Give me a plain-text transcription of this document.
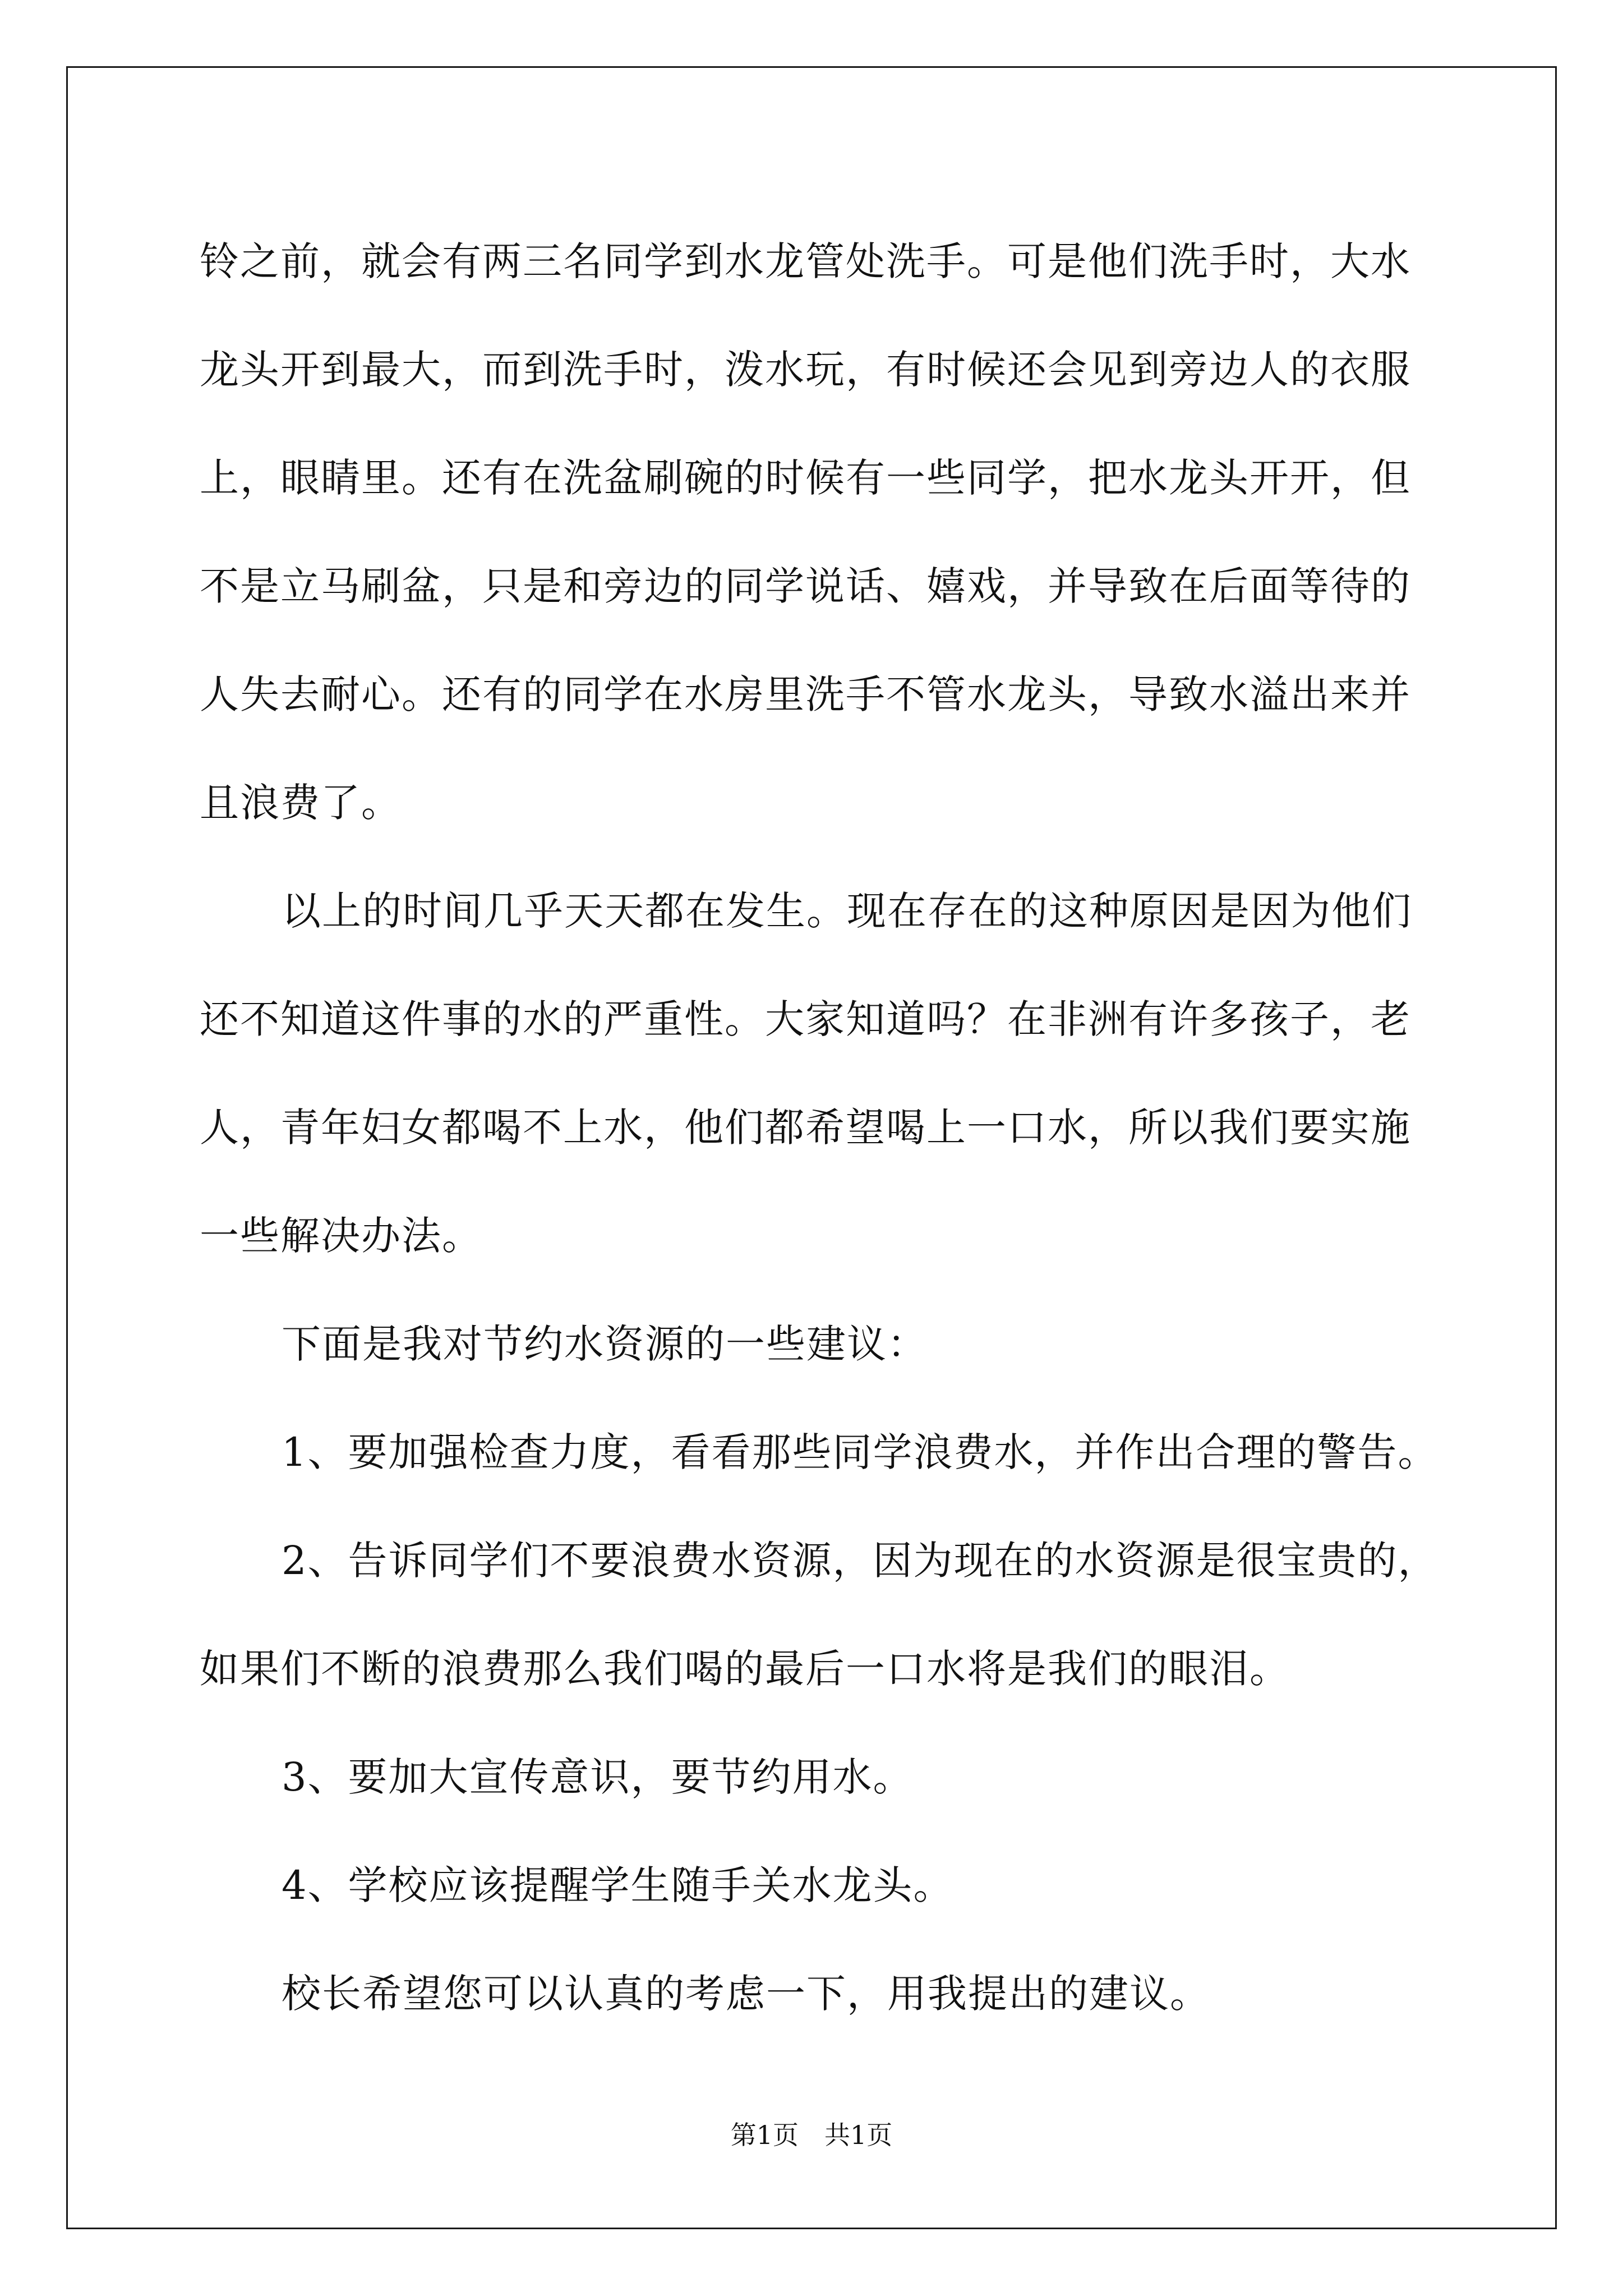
铃之前，就会有两三名同学到水龙管处洗手。可是他们洗手时，大水

龙头开到最大，而到洗手时，泼水玩，有时候还会见到旁边人的衣服

上，眼睛里。还有在洗盆刷碗的时候有一些同学，把水龙头开开，但

不是立马刷盆，只是和旁边的同学说话、嬉戏，并导致在后面等待的

人失去耐心。还有的同学在水房里洗手不管水龙头，导致水溢出来并

且浪费了。

以上的时间几乎天天都在发生。现在存在的这种原因是因为他们

还不知道这件事的水的严重性。大家知道吗？在非洲有许多孩子，老

人，青年妇女都喝不上水，他们都希望喝上一口水，所以我们要实施

一些解决办法。

下面是我对节约水资源的一些建议：

1、要加强检查力度，看看那些同学浪费水，并作出合理的警告。

2、告诉同学们不要浪费水资源，因为现在的水资源是很宝贵的，

如果们不断的浪费那么我们喝的最后一口水将是我们的眼泪。

3、要加大宣传意识，要节约用水。

4、学校应该提醒学生随手关水龙头。

校长希望您可以认真的考虑一下，用我提出的建议。

第1页　共1页
